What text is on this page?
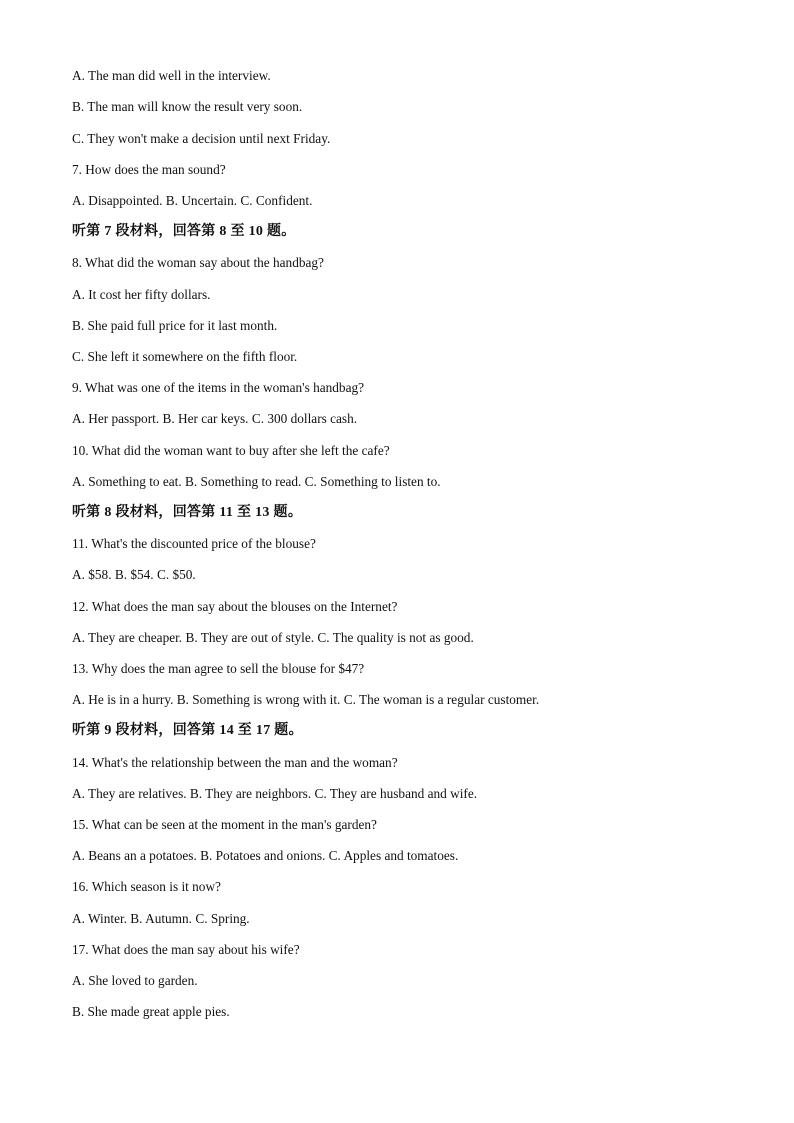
A. The man did well in the interview.
B. The man will know the result very soon.
C. They won't make a decision until next Friday.
7. How does the man sound?
A. Disappointed. B. Uncertain. C. Confident.
听第 7 段材料，回答第 8 至 10 题。
8. What did the woman say about the handbag?
A. It cost her fifty dollars.
B. She paid full price for it last month.
C. She left it somewhere on the fifth floor.
9. What was one of the items in the woman's handbag?
A. Her passport. B. Her car keys. C. 300 dollars cash.
10. What did the woman want to buy after she left the cafe?
A. Something to eat. B. Something to read. C. Something to listen to.
听第 8 段材料，回答第 11 至 13 题。
11. What's the discounted price of the blouse?
A. $58. B. $54. C. $50.
12. What does the man say about the blouses on the Internet?
A. They are cheaper. B. They are out of style. C. The quality is not as good.
13. Why does the man agree to sell the blouse for $47?
A. He is in a hurry. B. Something is wrong with it. C. The woman is a regular customer.
听第 9 段材料，回答第 14 至 17 题。
14. What's the relationship between the man and the woman?
A. They are relatives. B. They are neighbors. C. They are husband and wife.
15. What can be seen at the moment in the man's garden?
A. Beans an a potatoes. B. Potatoes and onions. C. Apples and tomatoes.
16. Which season is it now?
A. Winter. B. Autumn. C. Spring.
17. What does the man say about his wife?
A. She loved to garden.
B. She made great apple pies.
